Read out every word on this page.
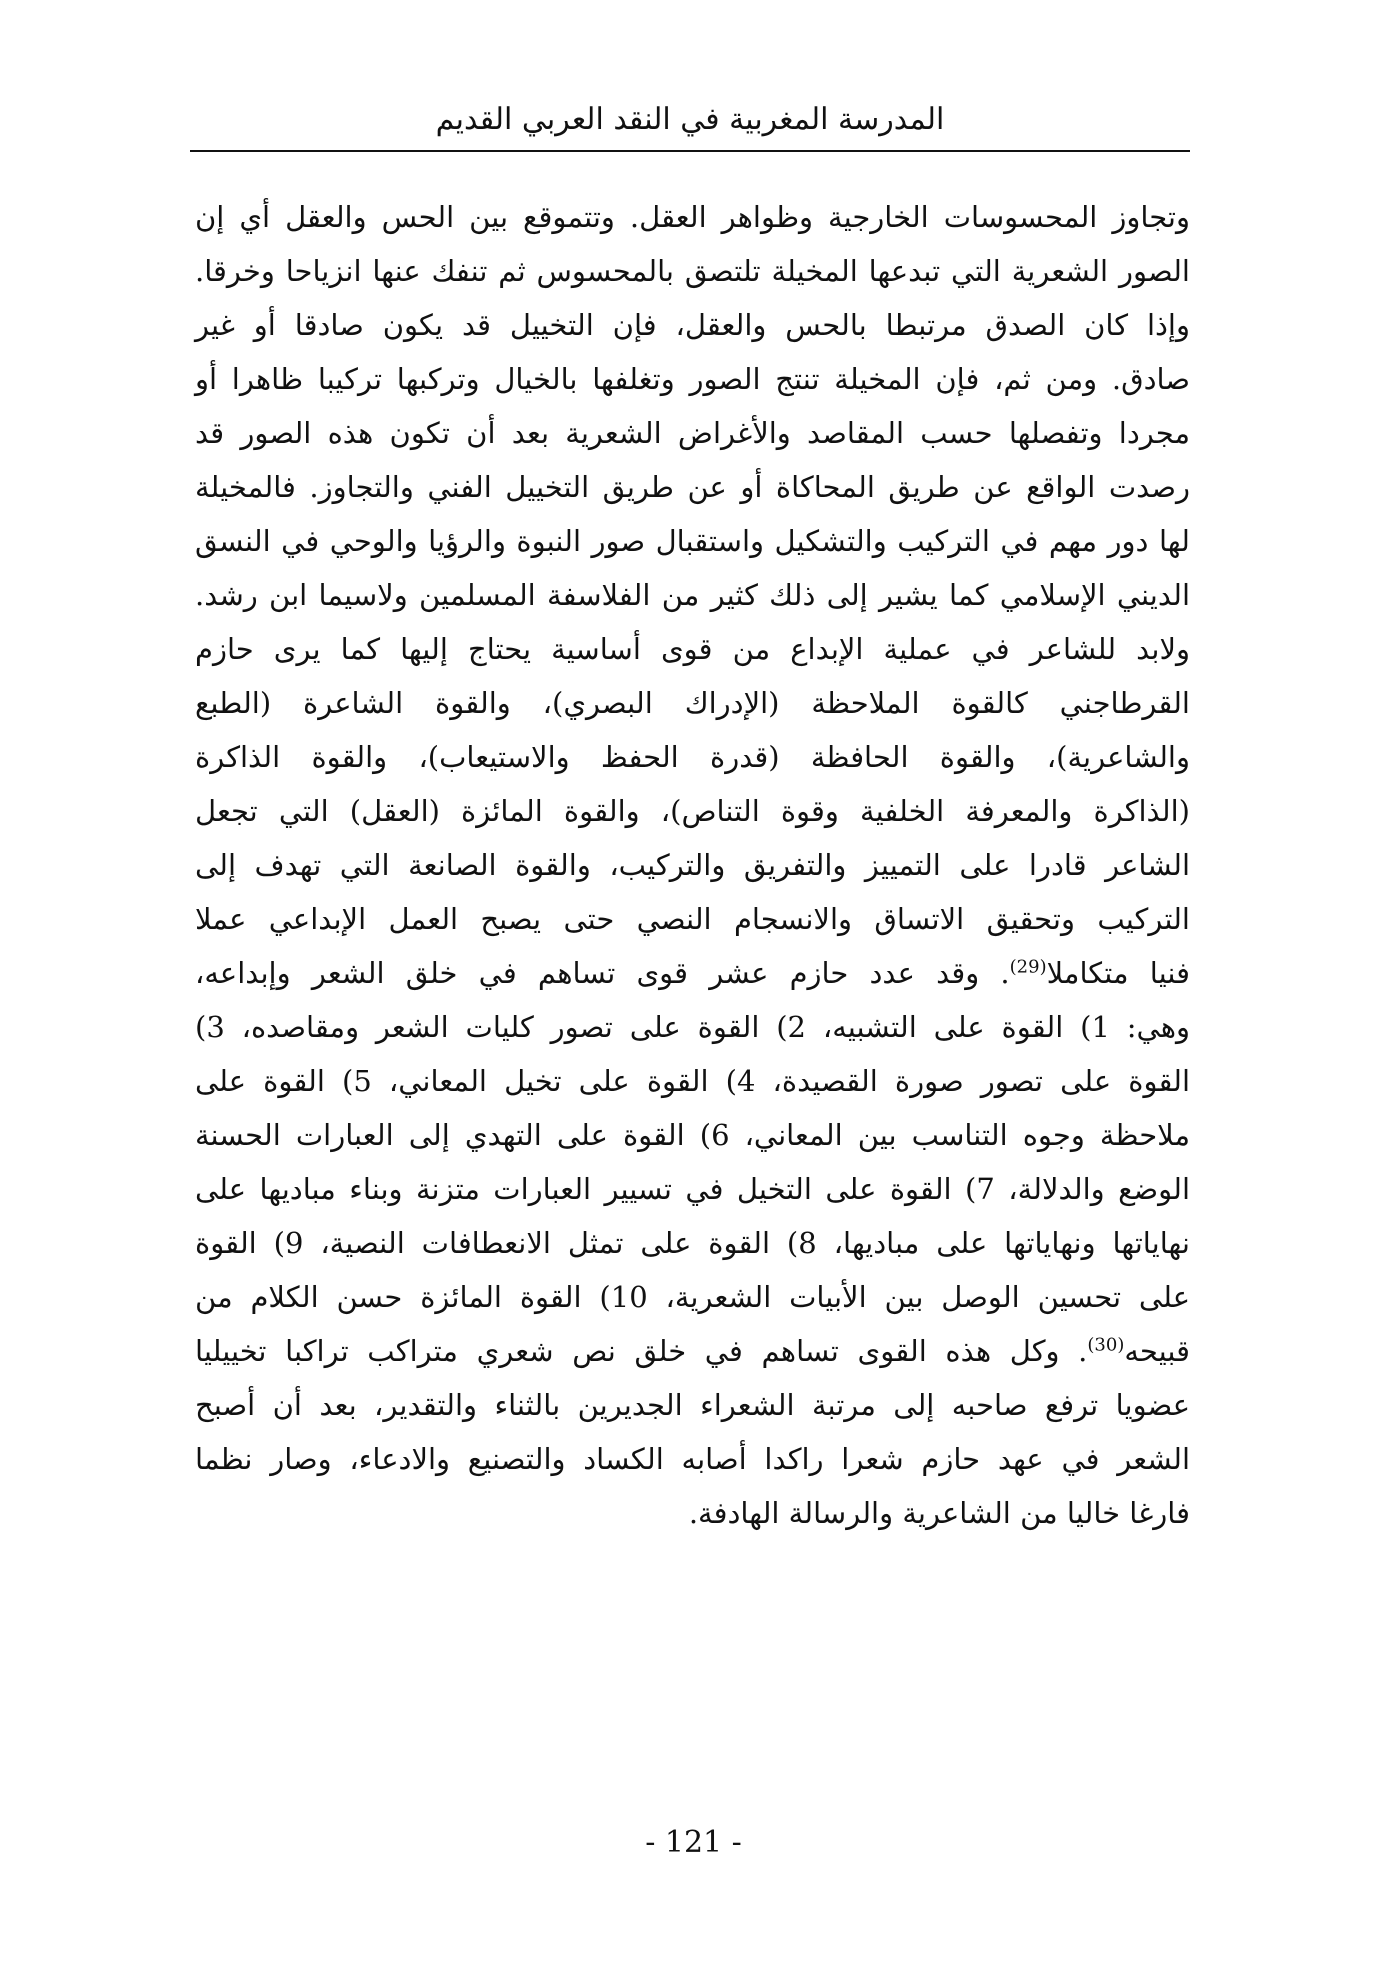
المدرسة المغربية في النقد العربي القديم
وتجاوز المحسوسات الخارجية وظواهر العقل. وتتموقع بين الحس والعقل أي إن
الصور الشعرية التي تبدعها المخيلة تلتصق بالمحسوس ثم تنفك عنها انزياحا وخرقا.
وإذا كان الصدق مرتبطا بالحس والعقل، فإن التخييل قد يكون صادقا أو غير
صادق. ومن ثم، فإن المخيلة تنتج الصور وتغلفها بالخيال وتركبها تركيبا ظاهرا أو
مجردا وتفصلها حسب المقاصد والأغراض الشعرية بعد أن تكون هذه الصور قد
رصدت الواقع عن طريق المحاكاة أو عن طريق التخييل الفني والتجاوز. فالمخيلة
لها دور مهم في التركيب والتشكيل واستقبال صور النبوة والرؤيا والوحي في النسق
الديني الإسلامي كما يشير إلى ذلك كثير من الفلاسفة المسلمين ولاسيما ابن رشد.
ولابد للشاعر في عملية الإبداع من قوى أساسية يحتاج إليها كما يرى حازم
القرطاجني كالقوة الملاحظة (الإدراك البصري)، والقوة الشاعرة (الطبع
والشاعرية)، والقوة الحافظة (قدرة الحفظ والاستيعاب)، والقوة الذاكرة
(الذاكرة والمعرفة الخلفية وقوة التناص)، والقوة المائزة (العقل) التي تجعل
الشاعر قادرا على التمييز والتفريق والتركيب، والقوة الصانعة التي تهدف إلى
التركيب وتحقيق الاتساق والانسجام النصي حتى يصبح العمل الإبداعي عملا
فنيا متكاملا$^{(29)}$. وقد عدد حازم عشر قوى تساهم في خلق الشعر وإبداعه،
وهي: 1) القوة على التشبيه، 2) القوة على تصور كليات الشعر ومقاصده، 3)
القوة على تصور صورة القصيدة، 4) القوة على تخيل المعاني، 5) القوة على
ملاحظة وجوه التناسب بين المعاني، 6) القوة على التهدي إلى العبارات الحسنة
الوضع والدلالة، 7) القوة على التخيل في تسيير العبارات متزنة وبناء مباديها على
نهاياتها ونهاياتها على مباديها، 8) القوة على تمثل الانعطافات النصية، 9) القوة
على تحسين الوصل بين الأبيات الشعرية، 10) القوة المائزة حسن الكلام من
قبيحه$^{(30)}$. وكل هذه القوى تساهم في خلق نص شعري متراكب تراكبا تخييليا
عضويا ترفع صاحبه إلى مرتبة الشعراء الجديرين بالثناء والتقدير، بعد أن أصبح
الشعر في عهد حازم شعرا راكدا أصابه الكساد والتصنيع والادعاء، وصار نظما
فارغا خاليا من الشاعرية والرسالة الهادفة.
- 121 -
